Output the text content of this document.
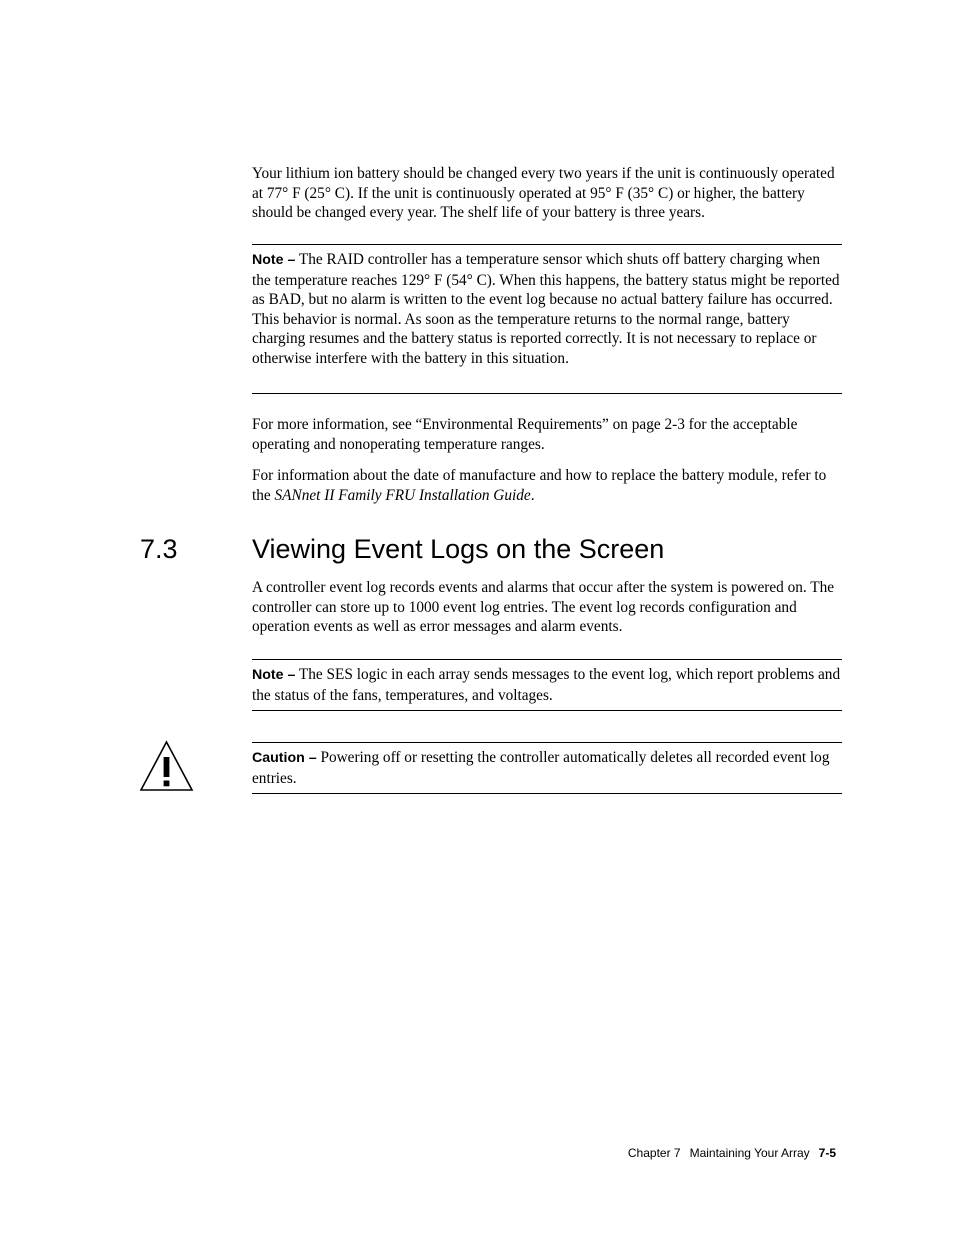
Your lithium ion battery should be changed every two years if the unit is continuously operated at 77° F (25° C). If the unit is continuously operated at 95° F (35° C) or higher, the battery should be changed every year. The shelf life of your battery is three years.

Note – The RAID controller has a temperature sensor which shuts off battery charging when the temperature reaches 129° F (54° C). When this happens, the battery status might be reported as BAD, but no alarm is written to the event log because no actual battery failure has occurred. This behavior is normal. As soon as the temperature returns to the normal range, battery charging resumes and the battery status is reported correctly. It is not necessary to replace or otherwise interfere with the battery in this situation.

For more information, see “Environmental Requirements” on page 2-3 for the acceptable operating and nonoperating temperature ranges.

For information about the date of manufacture and how to replace the battery module, refer to the SANnet II Family FRU Installation Guide.

7.3	Viewing Event Logs on the Screen

A controller event log records events and alarms that occur after the system is powered on. The controller can store up to 1000 event log entries. The event log records configuration and operation events as well as error messages and alarm events.

Note – The SES logic in each array sends messages to the event log, which report problems and the status of the fans, temperatures, and voltages.

Caution – Powering off or resetting the controller automatically deletes all recorded event log entries.

Chapter 7 Maintaining Your Array 7-5
